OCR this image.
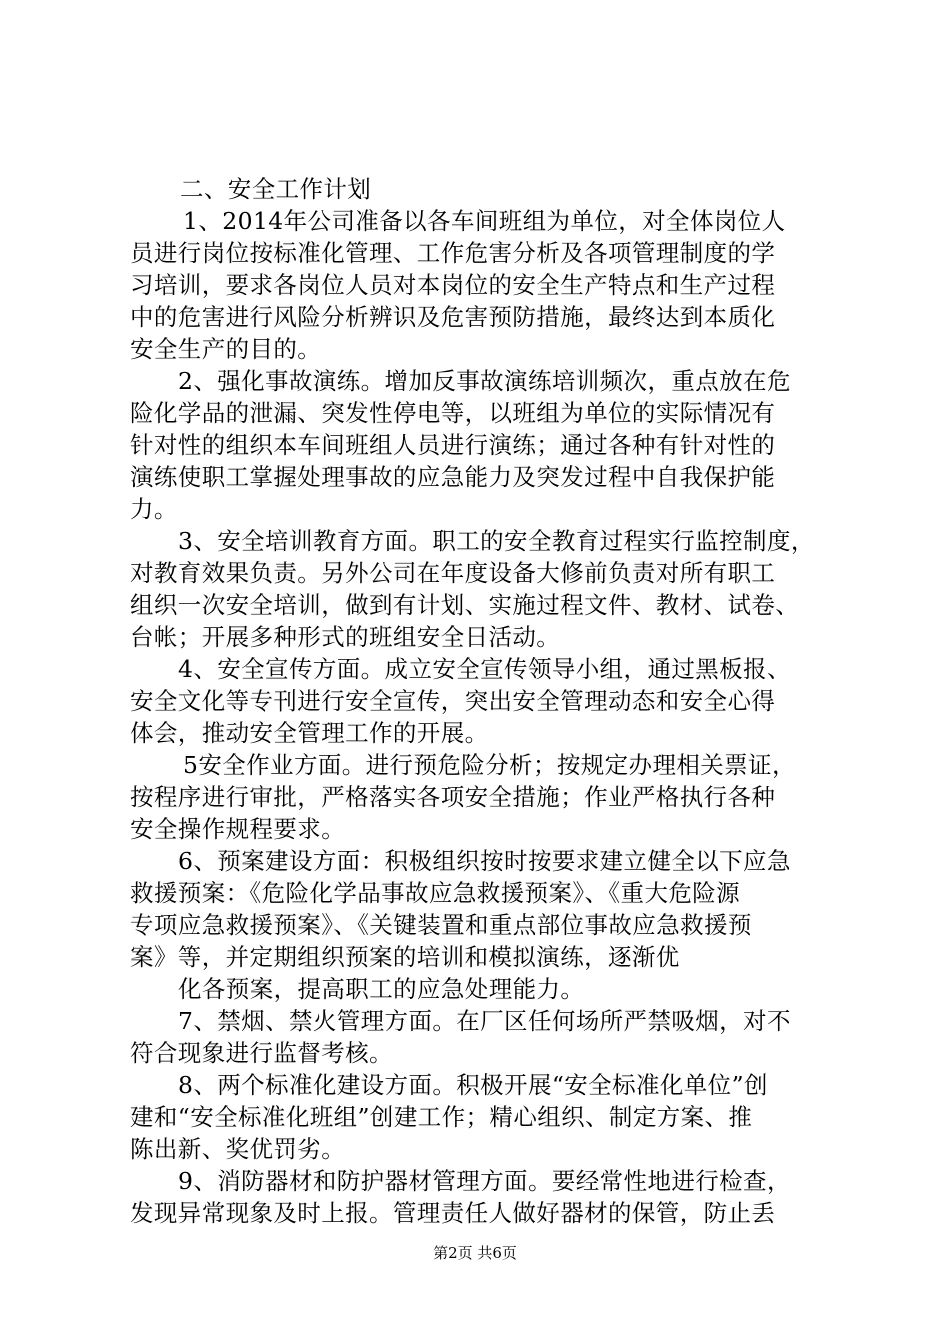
二、安全工作计划
1、2014年公司准备以各车间班组为单位，对全体岗位人
员进行岗位按标准化管理、工作危害分析及各项管理制度的学
习培训，要求各岗位人员对本岗位的安全生产特点和生产过程
中的危害进行风险分析辨识及危害预防措施，最终达到本质化
安全生产的目的。
2、强化事故演练。增加反事故演练培训频次，重点放在危
险化学品的泄漏、突发性停电等，以班组为单位的实际情况有
针对性的组织本车间班组人员进行演练；通过各种有针对性的
演练使职工掌握处理事故的应急能力及突发过程中自我保护能
力。
3、安全培训教育方面。职工的安全教育过程实行监控制度，
对教育效果负责。另外公司在年度设备大修前负责对所有职工
组织一次安全培训，做到有计划、实施过程文件、教材、试卷、
台帐；开展多种形式的班组安全日活动。
4、安全宣传方面。成立安全宣传领导小组，通过黑板报、
安全文化等专刊进行安全宣传，突出安全管理动态和安全心得
体会，推动安全管理工作的开展。
5安全作业方面。进行预危险分析；按规定办理相关票证，
按程序进行审批，严格落实各项安全措施；作业严格执行各种
安全操作规程要求。
6、预案建设方面：积极组织按时按要求建立健全以下应急
救援预案：《危险化学品事故应急救援预案》、《重大危险源
专项应急救援预案》、《关键装置和重点部位事故应急救援预
案》等，并定期组织预案的培训和模拟演练，逐渐优
化各预案，提高职工的应急处理能力。
7、禁烟、禁火管理方面。在厂区任何场所严禁吸烟，对不
符合现象进行监督考核。
8、两个标准化建设方面。积极开展“安全标准化单位”创
建和“安全标准化班组”创建工作；精心组织、制定方案、推
陈出新、奖优罚劣。
9、消防器材和防护器材管理方面。要经常性地进行检查，
发现异常现象及时上报。管理责任人做好器材的保管，防止丢
第2页 共6页
